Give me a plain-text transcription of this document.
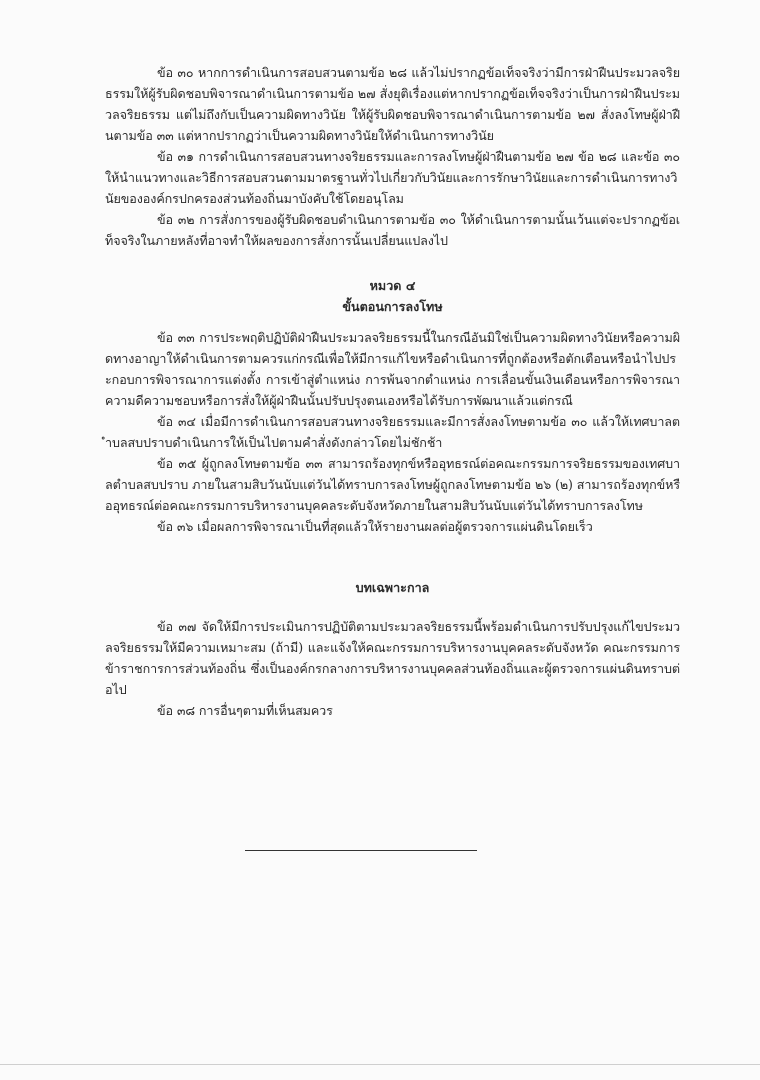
ข้อ ๓๐ หากการดำเนินการสอบสวนตามข้อ ๒๘ แล้วไม่ปรากฏข้อเท็จจริงว่ามีการฝ่าฝืนประมวลจริยธรรมให้ผู้รับผิดชอบพิจารณาดำเนินการตามข้อ ๒๗ สั่งยุติเรื่องแต่หากปรากฏข้อเท็จจริงว่าเป็นการฝ่าฝืนประมวลจริยธรรม แต่ไม่ถึงกับเป็นความผิดทางวินัย ให้ผู้รับผิดชอบพิจารณาดำเนินการตามข้อ ๒๗ สั่งลงโทษผู้ฝ่าฝืนตามข้อ ๓๓ แต่หากปรากฏว่าเป็นความผิดทางวินัยให้ดำเนินการทางวินัย

ข้อ ๓๑ การดำเนินการสอบสวนทางจริยธรรมและการลงโทษผู้ฝ่าฝืนตามข้อ ๒๗ ข้อ ๒๘ และข้อ ๓๐ ให้นำแนวทางและวิธีการสอบสวนตามมาตรฐานทั่วไปเกี่ยวกับวินัยและการรักษาวินัยและการดำเนินการทางวินัยขององค์กรปกครองส่วนท้องถิ่นมาบังคับใช้โดยอนุโลม

ข้อ ๓๒ การสั่งการของผู้รับผิดชอบดำเนินการตามข้อ ๓๐ ให้ดำเนินการตามนั้นเว้นแต่จะปรากฏข้อเท็จจริงในภายหลังที่อาจทำให้ผลของการสั่งการนั้นเปลี่ยนแปลงไป

หมวด ๔

ขั้นตอนการลงโทษ

ข้อ ๓๓ การประพฤติปฏิบัติฝ่าฝืนประมวลจริยธรรมนี้ในกรณีอันมิใช่เป็นความผิดทางวินัยหรือความผิดทางอาญาให้ดำเนินการตามควรแก่กรณีเพื่อให้มีการแก้ไขหรือดำเนินการที่ถูกต้องหรือตักเตือนหรือนำไปประกอบการพิจารณาการแต่งตั้ง การเข้าสู่ตำแหน่ง การพ้นจากตำแหน่ง การเลื่อนขั้นเงินเดือนหรือการพิจารณาความดีความชอบหรือการสั่งให้ผู้ฝ่าฝืนนั้นปรับปรุงตนเองหรือได้รับการพัฒนาแล้วแต่กรณี

ข้อ ๓๔ เมื่อมีการดำเนินการสอบสวนทางจริยธรรมและมีการสั่งลงโทษตามข้อ ๓๐ แล้วให้เทศบาลตำบลสบปราบดำเนินการให้เป็นไปตามคำสั่งดังกล่าวโดยไม่ชักช้า

ข้อ ๓๕ ผู้ถูกลงโทษตามข้อ ๓๓ สามารถร้องทุกข์หรืออุทธรณ์ต่อคณะกรรมการจริยธรรมของเทศบาลตำบลสบปราบ ภายในสามสิบวันนับแต่วันได้ทราบการลงโทษผู้ถูกลงโทษตามข้อ ๒๖ (๒) สามารถร้องทุกข์หรืออุทธรณ์ต่อคณะกรรมการบริหารงานบุคคลระดับจังหวัดภายในสามสิบวันนับแต่วันได้ทราบการลงโทษ

ข้อ ๓๖ เมื่อผลการพิจารณาเป็นที่สุดแล้วให้รายงานผลต่อผู้ตรวจการแผ่นดินโดยเร็ว

บทเฉพาะกาล

ข้อ ๓๗ จัดให้มีการประเมินการปฏิบัติตามประมวลจริยธรรมนี้พร้อมดำเนินการปรับปรุงแก้ไขประมวลจริยธรรมให้มีความเหมาะสม (ถ้ามี) และแจ้งให้คณะกรรมการบริหารงานบุคคลระดับจังหวัด คณะกรรมการข้าราชการการส่วนท้องถิ่น ซึ่งเป็นองค์กรกลางการบริหารงานบุคคลส่วนท้องถิ่นและผู้ตรวจการแผ่นดินทราบต่อไป

ข้อ ๓๘ การอื่นๆตามที่เห็นสมควร
